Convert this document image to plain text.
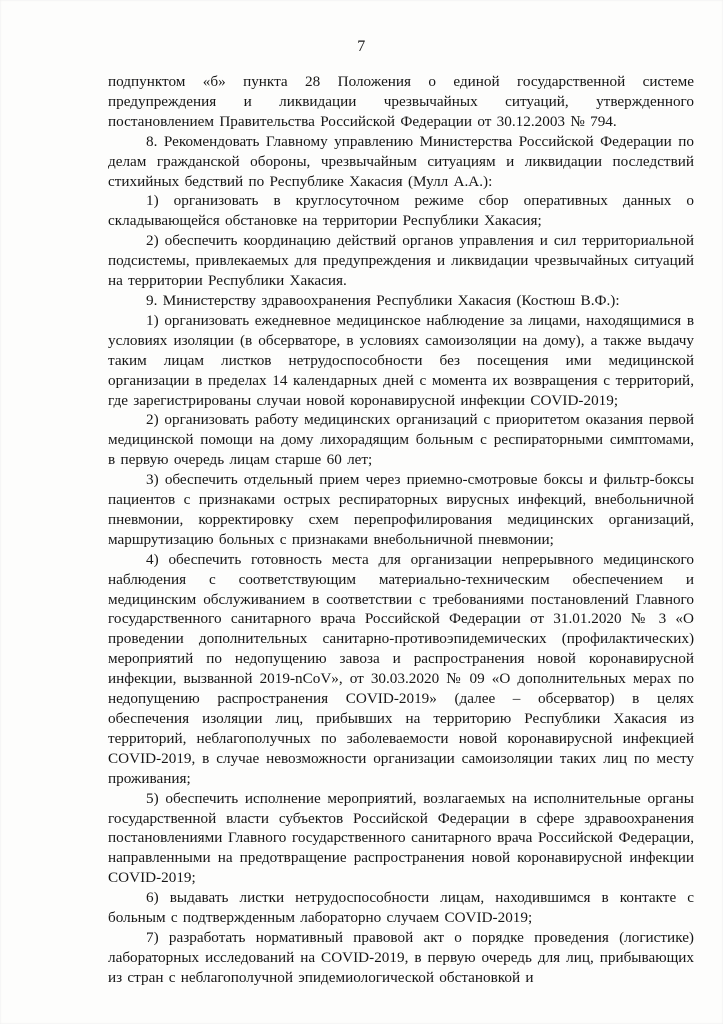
7

подпунктом «б» пункта 28 Положения о единой государственной системе предупреждения и ликвидации чрезвычайных ситуаций, утвержденного постановлением Правительства Российской Федерации от 30.12.2003 № 794.

8. Рекомендовать Главному управлению Министерства Российской Федерации по делам гражданской обороны, чрезвычайным ситуациям и ликвидации последствий стихийных бедствий по Республике Хакасия (Мулл А.А.):

1) организовать в круглосуточном режиме сбор оперативных данных о складывающейся обстановке на территории Республики Хакасия;

2) обеспечить координацию действий органов управления и сил территориальной подсистемы, привлекаемых для предупреждения и ликвидации чрезвычайных ситуаций на территории Республики Хакасия.

9. Министерству здравоохранения Республики Хакасия (Костюш В.Ф.):

1) организовать ежедневное медицинское наблюдение за лицами, находящимися в условиях изоляции (в обсерваторе, в условиях самоизоляции на дому), а также выдачу таким лицам листков нетрудоспособности без посещения ими медицинской организации в пределах 14 календарных дней с момента их возвращения с территорий, где зарегистрированы случаи новой коронавирусной инфекции COVID-2019;

2) организовать работу медицинских организаций с приоритетом оказания первой медицинской помощи на дому лихорадящим больным с респираторными симптомами, в первую очередь лицам старше 60 лет;

3) обеспечить отдельный прием через приемно-смотровые боксы и фильтр-боксы пациентов с признаками острых респираторных вирусных инфекций, внебольничной пневмонии, корректировку схем перепрофилирования медицинских организаций, маршрутизацию больных с признаками внебольничной пневмонии;

4) обеспечить готовность места для организации непрерывного медицинского наблюдения с соответствующим материально-техническим обеспечением и медицинским обслуживанием в соответствии с требованиями постановлений Главного государственного санитарного врача Российской Федерации от 31.01.2020 № 3 «О проведении дополнительных санитарно-противоэпидемических (профилактических) мероприятий по недопущению завоза и распространения новой коронавирусной инфекции, вызванной 2019-nCoV», от 30.03.2020 № 09 «О дополнительных мерах по недопущению распространения COVID-2019» (далее – обсерватор) в целях обеспечения изоляции лиц, прибывших на территорию Республики Хакасия из территорий, неблагополучных по заболеваемости новой коронавирусной инфекцией COVID-2019, в случае невозможности организации самоизоляции таких лиц по месту проживания;

5) обеспечить исполнение мероприятий, возлагаемых на исполнительные органы государственной власти субъектов Российской Федерации в сфере здравоохранения постановлениями Главного государственного санитарного врача Российской Федерации, направленными на предотвращение распространения новой коронавирусной инфекции COVID-2019;

6) выдавать листки нетрудоспособности лицам, находившимся в контакте с больным с подтвержденным лабораторно случаем COVID-2019;

7) разработать нормативный правовой акт о порядке проведения (логистике) лабораторных исследований на COVID-2019, в первую очередь для лиц, прибывающих из стран с неблагополучной эпидемиологической обстановкой и
